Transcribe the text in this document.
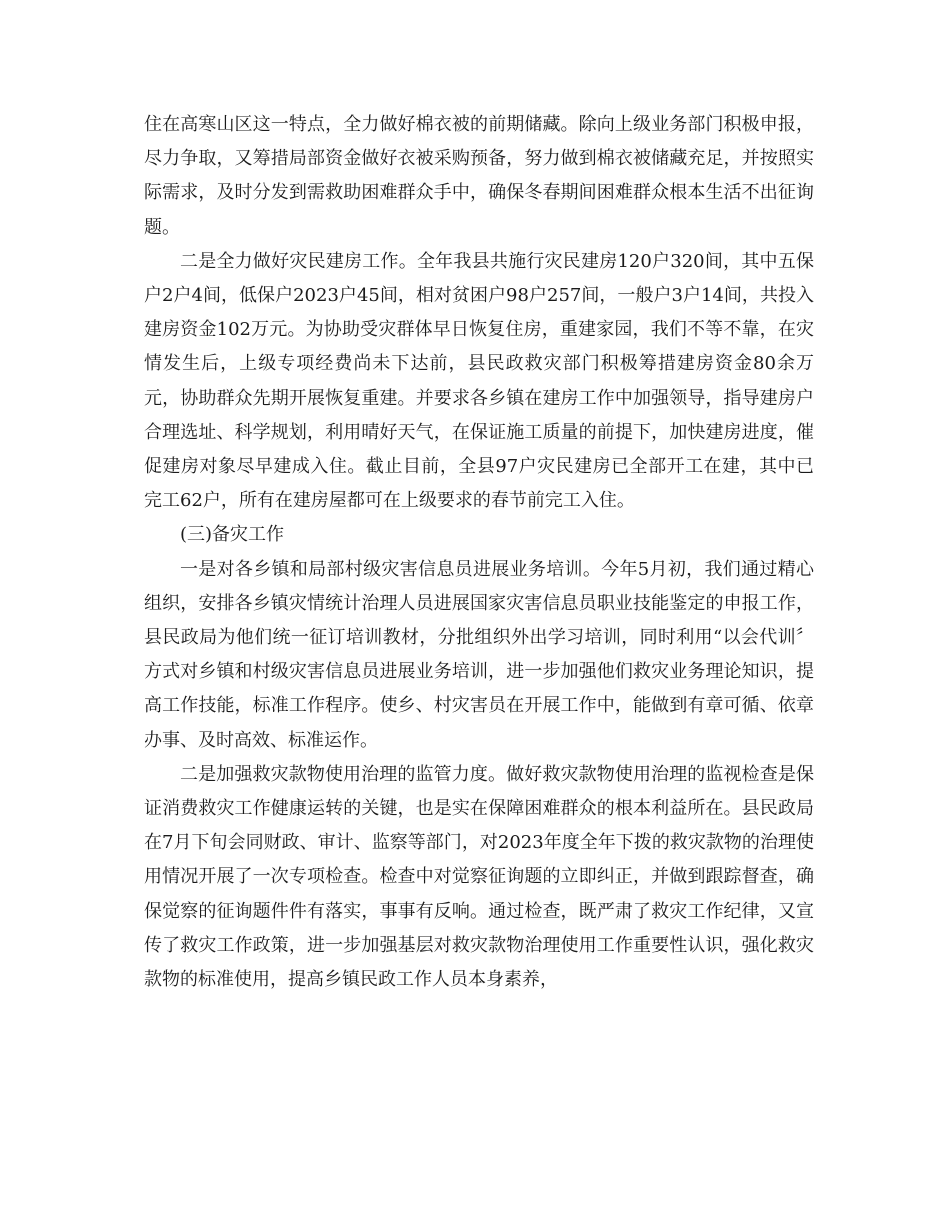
住在高寒山区这一特点，全力做好棉衣被的前期储藏。除向上级业务部门积极申报，尽力争取，又筹措局部资金做好衣被采购预备，努力做到棉衣被储藏充足，并按照实际需求，及时分发到需救助困难群众手中，确保冬春期间困难群众根本生活不出征询题。

二是全力做好灾民建房工作。全年我县共施行灾民建房120户320间，其中五保户2户4间，低保户2023户45间，相对贫困户98户257间，一般户3户14间，共投入建房资金102万元。为协助受灾群体早日恢复住房，重建家园，我们不等不靠，在灾情发生后，上级专项经费尚未下达前，县民政救灾部门积极筹措建房资金80余万元，协助群众先期开展恢复重建。并要求各乡镇在建房工作中加强领导，指导建房户合理选址、科学规划，利用晴好天气，在保证施工质量的前提下，加快建房进度，催促建房对象尽早建成入住。截止目前，全县97户灾民建房已全部开工在建，其中已完工62户，所有在建房屋都可在上级要求的春节前完工入住。

(三)备灾工作

一是对各乡镇和局部村级灾害信息员进展业务培训。今年5月初，我们通过精心组织，安排各乡镇灾情统计治理人员进展国家灾害信息员职业技能鉴定的申报工作，县民政局为他们统一征订培训教材，分批组织外出学习培训，同时利用“以会代训〞方式对乡镇和村级灾害信息员进展业务培训，进一步加强他们救灾业务理论知识，提高工作技能，标准工作程序。使乡、村灾害员在开展工作中，能做到有章可循、依章办事、及时高效、标准运作。

二是加强救灾款物使用治理的监管力度。做好救灾款物使用治理的监视检查是保证消费救灾工作健康运转的关键，也是实在保障困难群众的根本利益所在。县民政局在7月下旬会同财政、审计、监察等部门，对2023年度全年下拨的救灾款物的治理使用情况开展了一次专项检查。检查中对觉察征询题的立即纠正，并做到跟踪督查，确保觉察的征询题件件有落实，事事有反响。通过检查，既严肃了救灾工作纪律，又宣传了救灾工作政策，进一步加强基层对救灾款物治理使用工作重要性认识，强化救灾款物的标准使用，提高乡镇民政工作人员本身素养，
